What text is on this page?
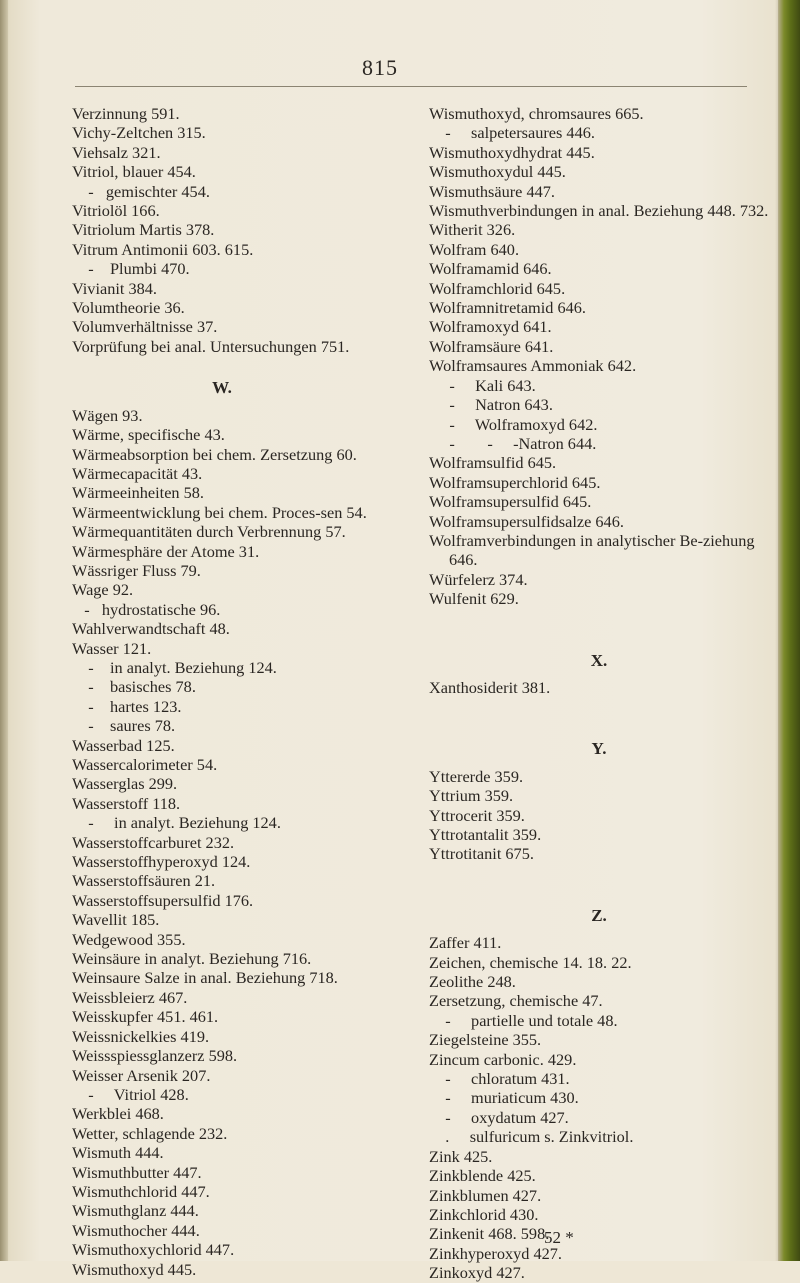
815
Verzinnung 591.
Vichy-Zeltchen 315.
Viehsalz 321.
Vitriol, blauer 454.
-   gemischter 454.
Vitriolöl 166.
Vitriolum Martis 378.
Vitrum Antimonii 603. 615.
-    Plumbi 470.
Vivianit 384.
Volumtheorie 36.
Volumverhältnisse 37.
Vorprüfung bei anal. Untersuchungen 751.
W.
Wägen 93.
Wärme, specifische 43.
Wärmeabsorption bei chem. Zersetzung 60.
Wärmecapacität 43.
Wärmeeinheiten 58.
Wärmeentwicklung bei chem. Proces-sen 54.
Wärmequantitäten durch Verbrennung 57.
Wärmesphäre der Atome 31.
Wässriger Fluss 79.
Wage 92.
-   hydrostatische 96.
Wahlverwandtschaft 48.
Wasser 121.
-    in analyt. Beziehung 124.
-    basisches 78.
-    hartes 123.
-    saures 78.
Wasserbad 125.
Wassercalorimeter 54.
Wasserglas 299.
Wasserstoff 118.
-     in analyt. Beziehung 124.
Wasserstoffcarburet 232.
Wasserstoffhyperoxyd 124.
Wasserstoffsäuren 21.
Wasserstoffsupersulfid 176.
Wavellit 185.
Wedgewood 355.
Weinsäure in analyt. Beziehung 716.
Weinsaure Salze in anal. Beziehung 718.
Weissbleierz 467.
Weisskupfer 451. 461.
Weissnickelkies 419.
Weissspiessglanzerz 598.
Weisser Arsenik 207.
-     Vitriol 428.
Werkblei 468.
Wetter, schlagende 232.
Wismuth 444.
Wismuthbutter 447.
Wismuthchlorid 447.
Wismuthglanz 444.
Wismuthocher 444.
Wismuthoxychlorid 447.
Wismuthoxyd 445.
Wismuthoxyd, chromsaures 665.
-     salpetersaures 446.
Wismuthoxydhydrat 445.
Wismuthoxydul 445.
Wismuthsäure 447.
Wismuthverbindungen in anal. Beziehung 448. 732.
Witherit 326.
Wolfram 640.
Wolframamid 646.
Wolframchlorid 645.
Wolframnitretamid 646.
Wolframoxyd 641.
Wolframsäure 641.
Wolframsaures Ammoniak 642.
-     Kali 643.
-     Natron 643.
-     Wolframoxyd 642.
-        -     -Natron 644.
Wolframsulfid 645.
Wolframsuperchlorid 645.
Wolframsupersulfid 645.
Wolframsupersulfidsalze 646.
Wolframverbindungen in analytischer Be-ziehung 646.
Würfelerz 374.
Wulfenit 629.
X.
Xanthosiderit 381.
Y.
Yttererde 359.
Yttrium 359.
Yttrocerit 359.
Yttrotantalit 359.
Yttrotitanit 675.
Z.
Zaffer 411.
Zeichen, chemische 14. 18. 22.
Zeolithe 248.
Zersetzung, chemische 47.
-     partielle und totale 48.
Ziegelsteine 355.
Zincum carbonic. 429.
-     chloratum 431.
-     muriaticum 430.
-     oxydatum 427.
.     sulfuricum s. Zinkvitriol.
Zink 425.
Zinkblende 425.
Zinkblumen 427.
Zinkchlorid 430.
Zinkenit 468. 598.
Zinkhyperoxyd 427.
Zinkoxyd 427.
52 *
